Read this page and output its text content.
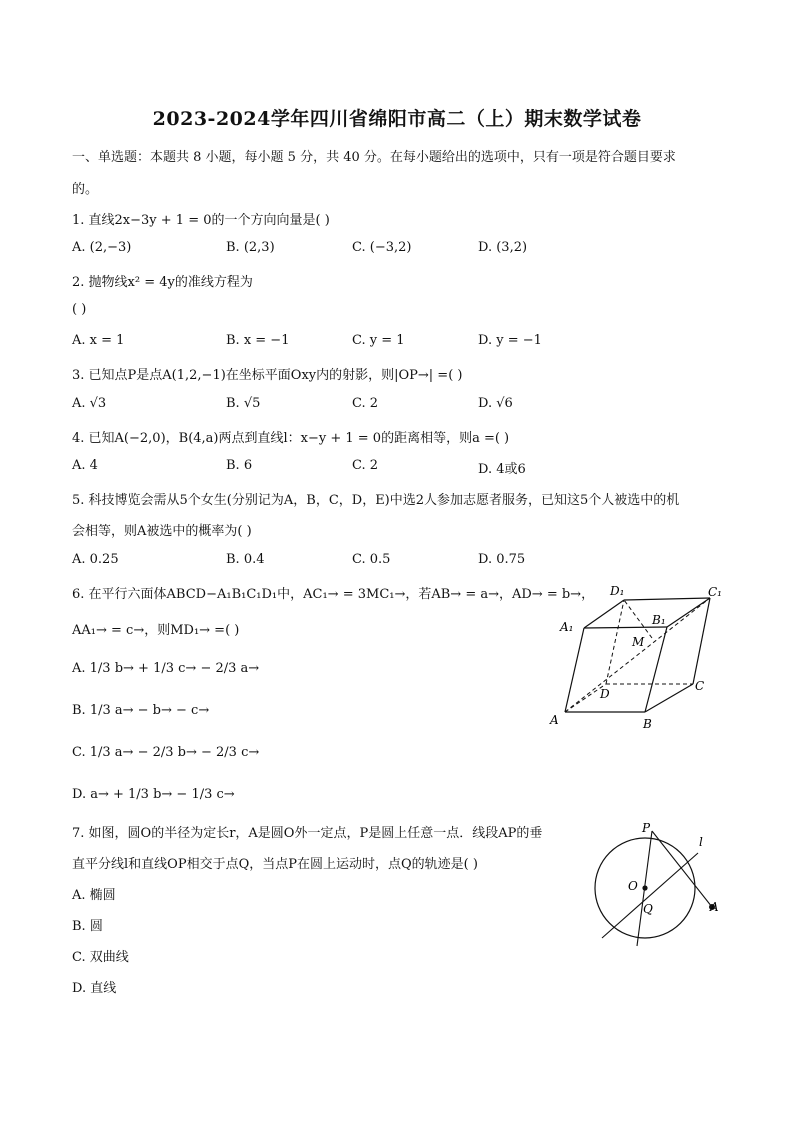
2023-2024学年四川省绵阳市高二（上）期末数学试卷
一、单选题：本题共 8 小题，每小题 5 分，共 40 分。在每小题给出的选项中，只有一项是符合题目要求
的。
1. 直线2x−3y + 1 = 0的一个方向向量是( )
A. (2,−3)	B. (2,3)	C. (−3,2)	D. (3,2)
2. 抛物线x² = 4y的准线方程为
( )
A. x = 1	B. x = −1	C. y = 1	D. y = −1
3. 已知点P是点A(1,2,−1)在坐标平面Oxy内的射影，则|OP→| =( )
A. √3	B. √5	C. 2	D. √6
4. 已知A(−2,0)，B(4,a)两点到直线l：x−y + 1 = 0的距离相等，则a =( )
A. 4	B. 6	C. 2	D. 4或6
5. 科技博览会需从5个女生(分别记为A，B，C，D，E)中选2人参加志愿者服务，已知这5个人被选中的机
会相等，则A被选中的概率为( )
A. 0.25	B. 0.4	C. 0.5	D. 0.75
6. 在平行六面体ABCD−A₁B₁C₁D₁中，AC₁→ = 3MC₁→，若AB→ = a→，AD→ = b→，
AA₁→ = c→，则MD₁→ =( )
A. 1/3 b→ + 1/3 c→ − 2/3 a→
B. 1/3 a→ − b→ − c→
C. 1/3 a→ − 2/3 b→ − 2/3 c→
D. a→ + 1/3 b→ − 1/3 c→
D₁	C₁
A₁	B₁
M
D
C
A	B
7. 如图，圆O的半径为定长r，A是圆O外一定点，P是圆上任意一点．线段AP的垂
直平分线l和直线OP相交于点Q，当点P在圆上运动时，点Q的轨迹是( )
A. 椭圆
B. 圆
C. 双曲线
D. 直线
P
l
O
Q	A
